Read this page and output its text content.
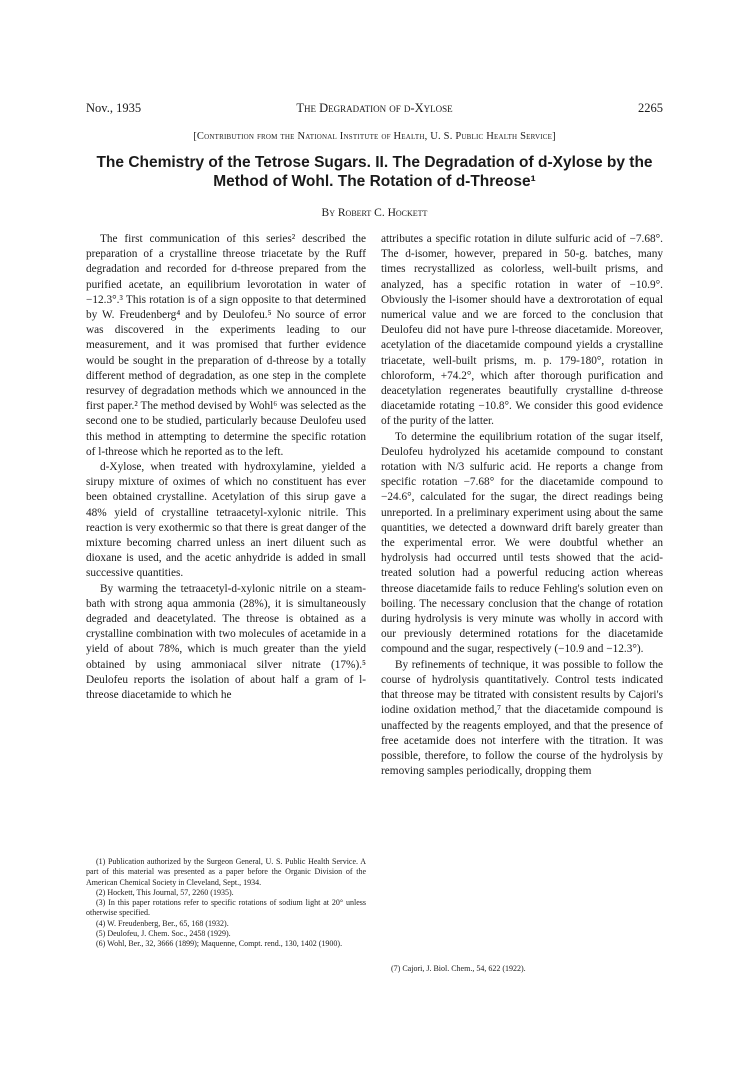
Nov., 1935	The Degradation of d-Xylose	2265
[Contribution from the National Institute of Health, U. S. Public Health Service]
The Chemistry of the Tetrose Sugars. II. The Degradation of d-Xylose by the
Method of Wohl. The Rotation of d-Threose¹
By Robert C. Hockett

The first communication of this series² described the preparation of a crystalline threose triacetate by the Ruff degradation and recorded for d-threose prepared from the purified acetate, an equilibrium levorotation in water of −12.3°.³ This rotation is of a sign opposite to that determined by W. Freudenberg⁴ and by Deulofeu.⁵ No source of error was discovered in the experiments leading to our measurement, and it was promised that further evidence would be sought in the preparation of d-threose by a totally different method of degradation, as one step in the complete resurvey of degradation methods which we announced in the first paper.² The method devised by Wohl⁶ was selected as the second one to be studied, particularly because Deulofeu used this method in attempting to determine the specific rotation of l-threose which he reported as to the left.

d-Xylose, when treated with hydroxylamine, yielded a sirupy mixture of oximes of which no constituent has ever been obtained crystalline. Acetylation of this sirup gave a 48% yield of crystalline tetraacetyl-xylonic nitrile. This reaction is very exothermic so that there is great danger of the mixture becoming charred unless an inert diluent such as dioxane is used, and the acetic anhydride is added in small successive quantities.

By warming the tetraacetyl-d-xylonic nitrile on a steam-bath with strong aqua ammonia (28%), it is simultaneously degraded and deacetylated. The threose is obtained as a crystalline combination with two molecules of acetamide in a yield of about 78%, which is much greater than the yield obtained by using ammoniacal silver nitrate (17%).⁵ Deulofeu reports the isolation of about half a gram of l-threose diacetamide to which he

attributes a specific rotation in dilute sulfuric acid of −7.68°. The d-isomer, however, prepared in 50-g. batches, many times recrystallized as colorless, well-built prisms, and analyzed, has a specific rotation in water of −10.9°. Obviously the l-isomer should have a dextrorotation of equal numerical value and we are forced to the conclusion that Deulofeu did not have pure l-threose diacetamide. Moreover, acetylation of the diacetamide compound yields a crystalline triacetate, well-built prisms, m. p. 179-180°, rotation in chloroform, +74.2°, which after thorough purification and deacetylation regenerates beautifully crystalline d-threose diacetamide rotating −10.8°. We consider this good evidence of the purity of the latter.

To determine the equilibrium rotation of the sugar itself, Deulofeu hydrolyzed his acetamide compound to constant rotation with N/3 sulfuric acid. He reports a change from specific rotation −7.68° for the diacetamide compound to −24.6°, calculated for the sugar, the direct readings being unreported. In a preliminary experiment using about the same quantities, we detected a downward drift barely greater than the experimental error. We were doubtful whether an hydrolysis had occurred until tests showed that the acid-treated solution had a powerful reducing action whereas threose diacetamide fails to reduce Fehling's solution even on boiling. The necessary conclusion that the change of rotation during hydrolysis is very minute was wholly in accord with our previously determined rotations for the diacetamide compound and the sugar, respectively (−10.9 and −12.3°).

By refinements of technique, it was possible to follow the course of hydrolysis quantitatively. Control tests indicated that threose may be titrated with consistent results by Cajori's iodine oxidation method,⁷ that the diacetamide compound is unaffected by the reagents employed, and that the presence of free acetamide does not interfere with the titration. It was possible, therefore, to follow the course of the hydrolysis by removing samples periodically, dropping them

(1) Publication authorized by the Surgeon General, U. S. Public Health Service. A part of this material was presented as a paper before the Organic Division of the American Chemical Society in Cleveland, Sept., 1934.
(2) Hockett, This Journal, 57, 2260 (1935).
(3) In this paper rotations refer to specific rotations of sodium light at 20° unless otherwise specified.
(4) W. Freudenberg, Ber., 65, 168 (1932).
(5) Deulofeu, J. Chem. Soc., 2458 (1929).
(6) Wohl, Ber., 32, 3666 (1899); Maquenne, Compt. rend., 130, 1402 (1900).
(7) Cajori, J. Biol. Chem., 54, 622 (1922).
